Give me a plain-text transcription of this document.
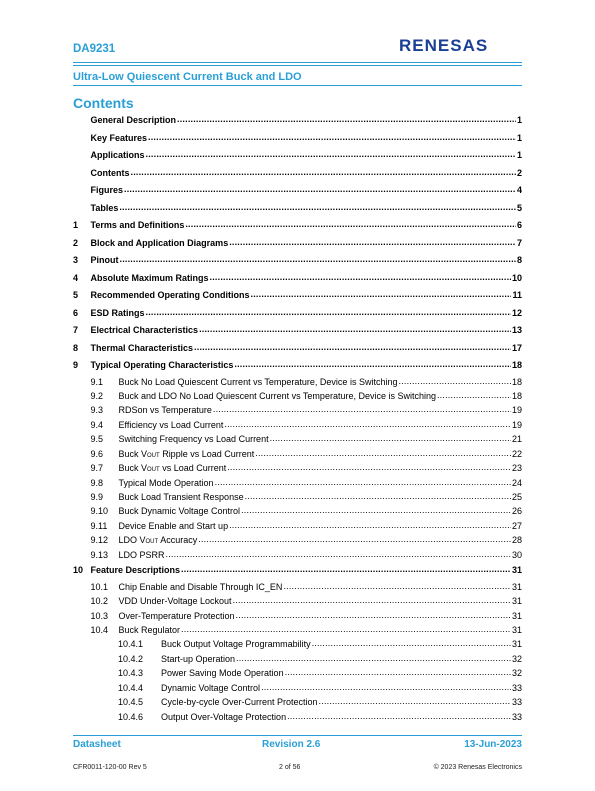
DA9231	RENESAS
Ultra-Low Quiescent Current Buck and LDO
Contents
General Description .....	1
Key Features .....	1
Applications .....	1
Contents .....	2
Figures .....	4
Tables .....	5
1	Terms and Definitions .....	6
2	Block and Application Diagrams .....	7
3	Pinout .....	8
4	Absolute Maximum Ratings .....	10
5	Recommended Operating Conditions .....	11
6	ESD Ratings .....	12
7	Electrical Characteristics .....	13
8	Thermal Characteristics .....	17
9	Typical Operating Characteristics .....	18
9.1	Buck No Load Quiescent Current vs Temperature, Device is Switching .....	18
9.2	Buck and LDO No Load Quiescent Current vs Temperature, Device is Switching .....	18
9.3	RDSon vs Temperature .....	19
9.4	Efficiency vs Load Current .....	19
9.5	Switching Frequency vs Load Current .....	21
9.6	Buck VOUT Ripple vs Load Current .....	22
9.7	Buck VOUT vs Load Current .....	23
9.8	Typical Mode Operation .....	24
9.9	Buck Load Transient Response .....	25
9.10	Buck Dynamic Voltage Control .....	26
9.11	Device Enable and Start up .....	27
9.12	LDO VOUT Accuracy .....	28
9.13	LDO PSRR .....	30
10 Feature Descriptions .....	31
10.1	Chip Enable and Disable Through IC_EN .....	31
10.2	VDD Under-Voltage Lockout .....	31
10.3	Over-Temperature Protection .....	31
10.4	Buck Regulator .....	31
10.4.1	Buck Output Voltage Programmability .....	31
10.4.2	Start-up Operation .....	32
10.4.3	Power Saving Mode Operation .....	32
10.4.4	Dynamic Voltage Control .....	33
10.4.5	Cycle-by-cycle Over-Current Protection .....	33
10.4.6	Output Over-Voltage Protection .....	33
Datasheet	Revision 2.6	13-Jun-2023
CFR0011-120-00 Rev 5	2 of 56	© 2023 Renesas Electronics
